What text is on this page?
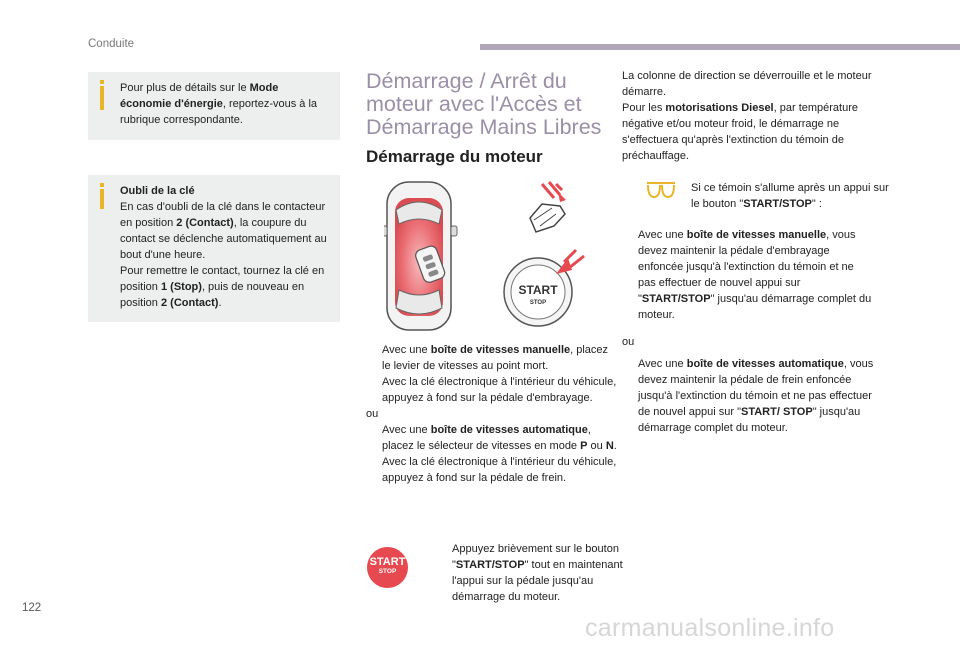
Conduite
Pour plus de détails sur le Mode économie d'énergie, reportez-vous à la rubrique correspondante.
Oubli de la clé
En cas d'oubli de la clé dans le contacteur en position 2 (Contact), la coupure du contact se déclenche automatiquement au bout d'une heure.
Pour remettre le contact, tournez la clé en position 1 (Stop), puis de nouveau en position 2 (Contact).
Démarrage / Arrêt du moteur avec l'Accès et Démarrage Mains Libres
Démarrage du moteur
START
STOP
Avec une boîte de vitesses manuelle, placez le levier de vitesses au point mort.
Avec la clé électronique à l'intérieur du véhicule, appuyez à fond sur la pédale d'embrayage.
ou
Avec une boîte de vitesses automatique, placez le sélecteur de vitesses en mode P ou N.
Avec la clé électronique à l'intérieur du véhicule, appuyez à fond sur la pédale de frein.
START
STOP
Appuyez brièvement sur le bouton "START/STOP" tout en maintenant l'appui sur la pédale jusqu'au démarrage du moteur.
La colonne de direction se déverrouille et le moteur démarre.
Pour les motorisations Diesel, par température négative et/ou moteur froid, le démarrage ne s'effectuera qu'après l'extinction du témoin de préchauffage.
Si ce témoin s'allume après un appui sur le bouton "START/STOP" :
Avec une boîte de vitesses manuelle, vous devez maintenir la pédale d'embrayage enfoncée jusqu'à l'extinction du témoin et ne pas effectuer de nouvel appui sur "START/STOP" jusqu'au démarrage complet du moteur.
ou
Avec une boîte de vitesses automatique, vous devez maintenir la pédale de frein enfoncée jusqu'à l'extinction du témoin et ne pas effectuer de nouvel appui sur "START/ STOP" jusqu'au démarrage complet du moteur.
122
carmanualsonline.info
